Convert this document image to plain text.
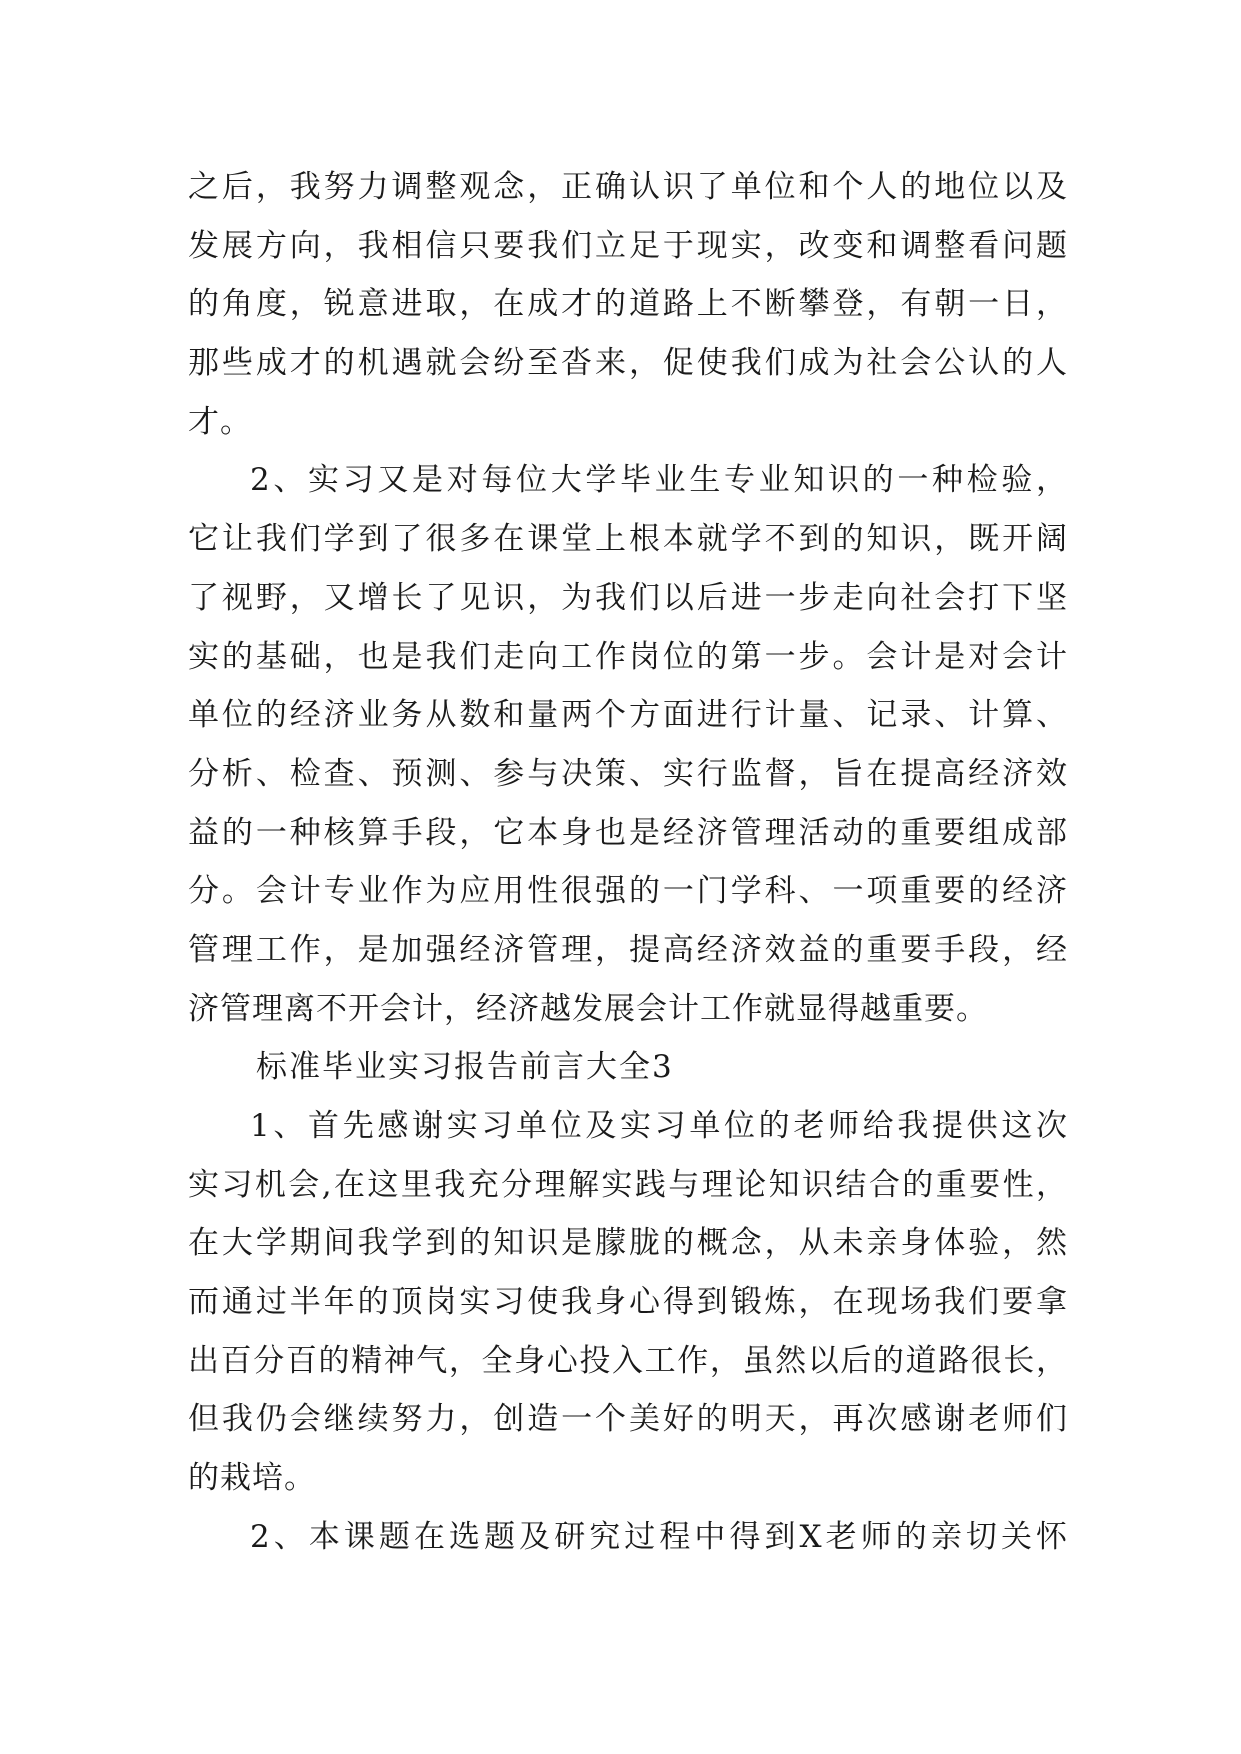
之后，我努力调整观念，正确认识了单位和个人的地位以及
发展方向，我相信只要我们立足于现实，改变和调整看问题
的角度，锐意进取，在成才的道路上不断攀登，有朝一日，
那些成才的机遇就会纷至沓来，促使我们成为社会公认的人
才。
2、实习又是对每位大学毕业生专业知识的一种检验，
它让我们学到了很多在课堂上根本就学不到的知识，既开阔
了视野，又增长了见识，为我们以后进一步走向社会打下坚
实的基础，也是我们走向工作岗位的第一步。会计是对会计
单位的经济业务从数和量两个方面进行计量、记录、计算、
分析、检查、预测、参与决策、实行监督，旨在提高经济效
益的一种核算手段，它本身也是经济管理活动的重要组成部
分。会计专业作为应用性很强的一门学科、一项重要的经济
管理工作，是加强经济管理，提高经济效益的重要手段，经
济管理离不开会计，经济越发展会计工作就显得越重要。
标准毕业实习报告前言大全3
1、首先感谢实习单位及实习单位的老师给我提供这次
实习机会,在这里我充分理解实践与理论知识结合的重要性，
在大学期间我学到的知识是朦胧的概念，从未亲身体验，然
而通过半年的顶岗实习使我身心得到锻炼，在现场我们要拿
出百分百的精神气，全身心投入工作，虽然以后的道路很长，
但我仍会继续努力，创造一个美好的明天，再次感谢老师们
的栽培。
2、本课题在选题及研究过程中得到X老师的亲切关怀
